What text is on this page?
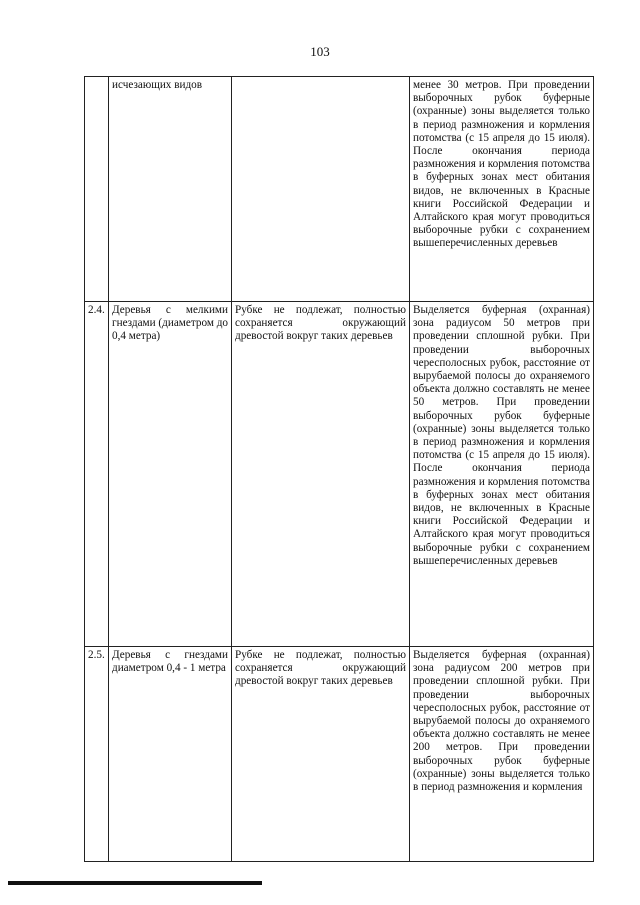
103
	исчезающих видов		менее 30 метров. При проведении выборочных рубок буферные (охранные) зоны выделяется только в период размножения и кормления потомства (с 15 апреля до 15 июля). После окончания периода размножения и кормления потомства в буферных зонах мест обитания видов, не включенных в Красные книги Российской Федерации и Алтайского края могут проводиться выборочные рубки с сохранением вышеперечисленных деревьев
2.4.	Деревья с мелкими гнездами (диаметром до 0,4 метра)	Рубке не подлежат, полностью сохраняется окружающий древостой вокруг таких деревьев	Выделяется буферная (охранная) зона радиусом 50 метров при проведении сплошной рубки. При проведении выборочных чересполосных рубок, расстояние от вырубаемой полосы до охраняемого объекта должно составлять не менее 50 метров. При проведении выборочных рубок буферные (охранные) зоны выделяется только в период размножения и кормления потомства (с 15 апреля до 15 июля). После окончания периода размножения и кормления потомства в буферных зонах мест обитания видов, не включенных в Красные книги Российской Федерации и Алтайского края могут проводиться выборочные рубки с сохранением вышеперечисленных деревьев
2.5.	Деревья с гнездами диаметром 0,4 - 1 метра	Рубке не подлежат, полностью сохраняется окружающий древостой вокруг таких деревьев	Выделяется буферная (охранная) зона радиусом 200 метров при проведении сплошной рубки. При проведении выборочных чересполосных рубок, расстояние от вырубаемой полосы до охраняемого объекта должно составлять не менее 200 метров. При проведении выборочных рубок буферные (охранные) зоны выделяется только в период размножения и кормления
